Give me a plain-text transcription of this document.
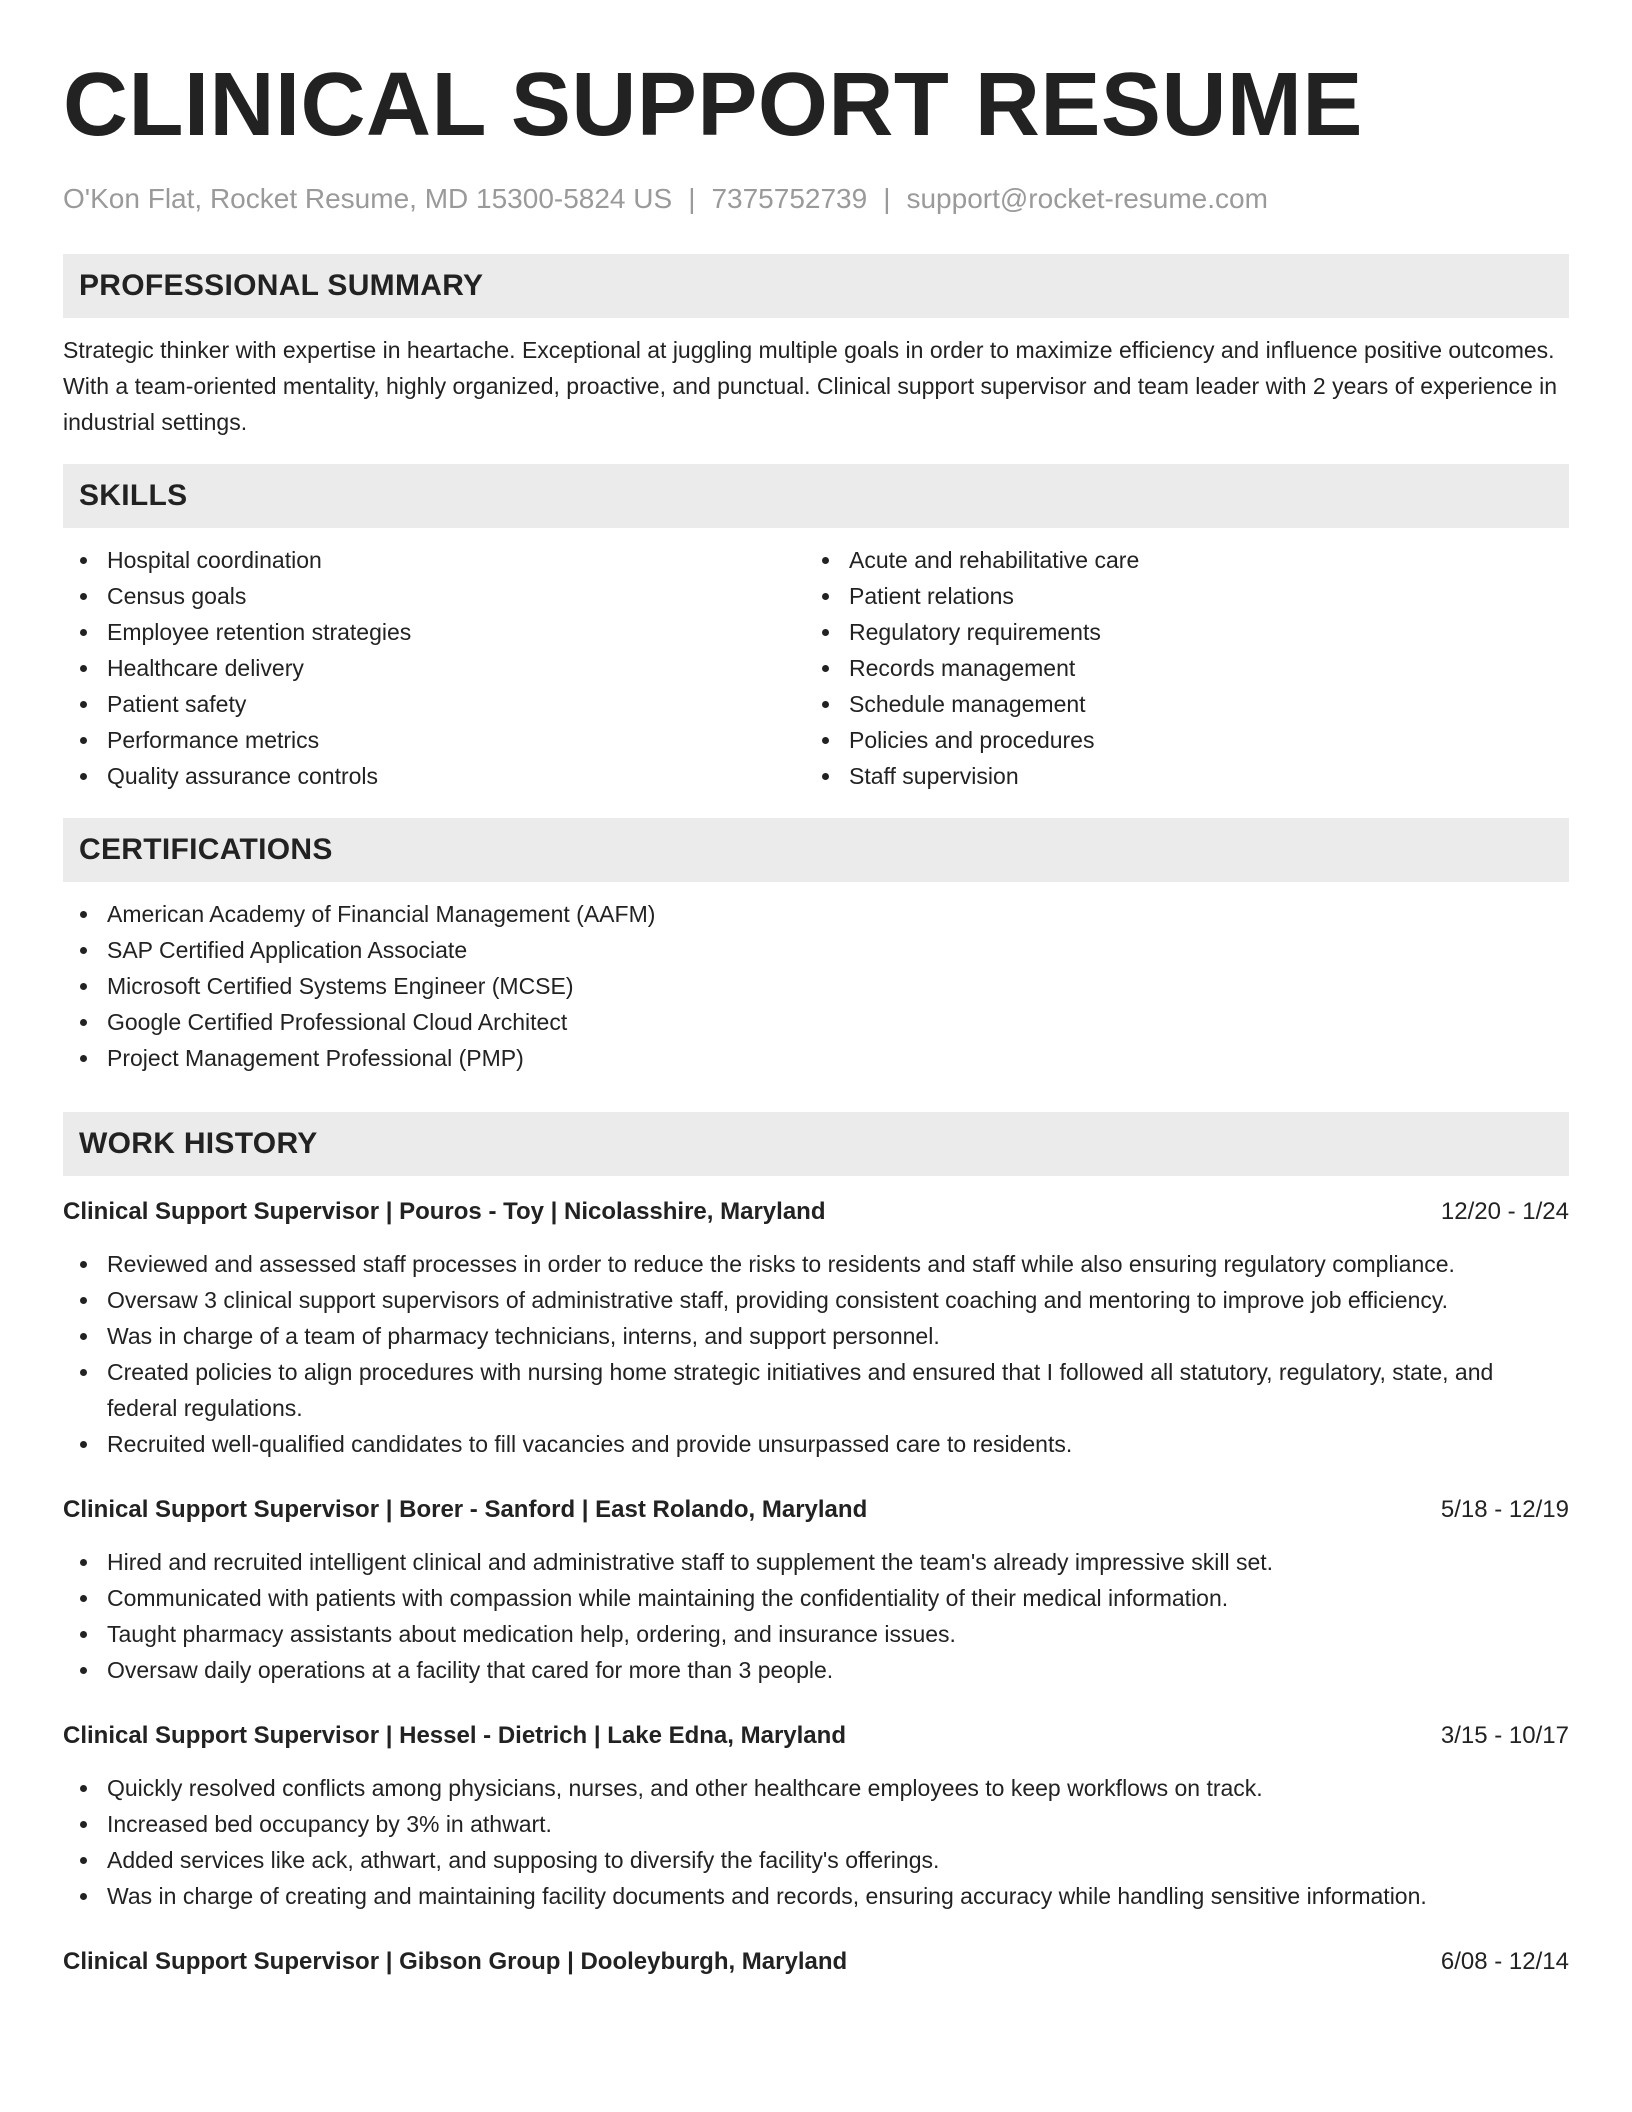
CLINICAL SUPPORT RESUME
O'Kon Flat, Rocket Resume, MD 15300-5824 US | 7375752739 | support@rocket-resume.com
PROFESSIONAL SUMMARY

Strategic thinker with expertise in heartache. Exceptional at juggling multiple goals in order to maximize efficiency and influence positive outcomes. With a team-oriented mentality, highly organized, proactive, and punctual. Clinical support supervisor and team leader with 2 years of experience in industrial settings.

SKILLS
Hospital coordination
Census goals
Employee retention strategies
Healthcare delivery
Patient safety
Performance metrics
Quality assurance controls
Acute and rehabilitative care
Patient relations
Regulatory requirements
Records management
Schedule management
Policies and procedures
Staff supervision
CERTIFICATIONS
American Academy of Financial Management (AAFM)
SAP Certified Application Associate
Microsoft Certified Systems Engineer (MCSE)
Google Certified Professional Cloud Architect
Project Management Professional (PMP)
WORK HISTORY
Clinical Support Supervisor | Pouros - Toy | Nicolasshire, Maryland	12/20 - 1/24
Reviewed and assessed staff processes in order to reduce the risks to residents and staff while also ensuring regulatory compliance.
Oversaw 3 clinical support supervisors of administrative staff, providing consistent coaching and mentoring to improve job efficiency.
Was in charge of a team of pharmacy technicians, interns, and support personnel.
Created policies to align procedures with nursing home strategic initiatives and ensured that I followed all statutory, regulatory, state, and federal regulations.
Recruited well-qualified candidates to fill vacancies and provide unsurpassed care to residents.
Clinical Support Supervisor | Borer - Sanford | East Rolando, Maryland	5/18 - 12/19
Hired and recruited intelligent clinical and administrative staff to supplement the team's already impressive skill set.
Communicated with patients with compassion while maintaining the confidentiality of their medical information.
Taught pharmacy assistants about medication help, ordering, and insurance issues.
Oversaw daily operations at a facility that cared for more than 3 people.
Clinical Support Supervisor | Hessel - Dietrich | Lake Edna, Maryland	3/15 - 10/17
Quickly resolved conflicts among physicians, nurses, and other healthcare employees to keep workflows on track.
Increased bed occupancy by 3% in athwart.
Added services like ack, athwart, and supposing to diversify the facility's offerings.
Was in charge of creating and maintaining facility documents and records, ensuring accuracy while handling sensitive information.
Clinical Support Supervisor | Gibson Group | Dooleyburgh, Maryland	6/08 - 12/14
